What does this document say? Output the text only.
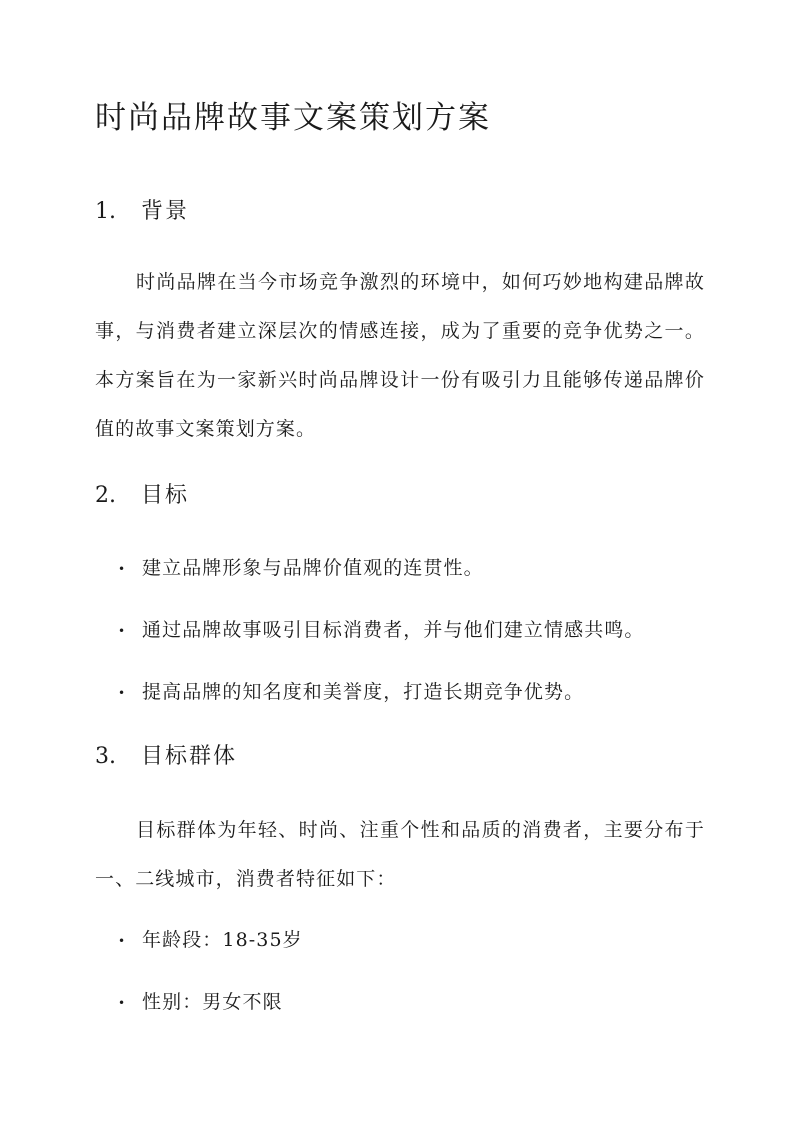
时尚品牌故事文案策划方案
1. 背景

时尚品牌在当今市场竞争激烈的环境中，如何巧妙地构建品牌故事，与消费者建立深层次的情感连接，成为了重要的竞争优势之一。本方案旨在为一家新兴时尚品牌设计一份有吸引力且能够传递品牌价值的故事文案策划方案。

2. 目标

• 建立品牌形象与品牌价值观的连贯性。

• 通过品牌故事吸引目标消费者，并与他们建立情感共鸣。

• 提高品牌的知名度和美誉度，打造长期竞争优势。

3. 目标群体

目标群体为年轻、时尚、注重个性和品质的消费者，主要分布于一、二线城市，消费者特征如下：

• 年龄段：18-35岁

• 性别：男女不限
